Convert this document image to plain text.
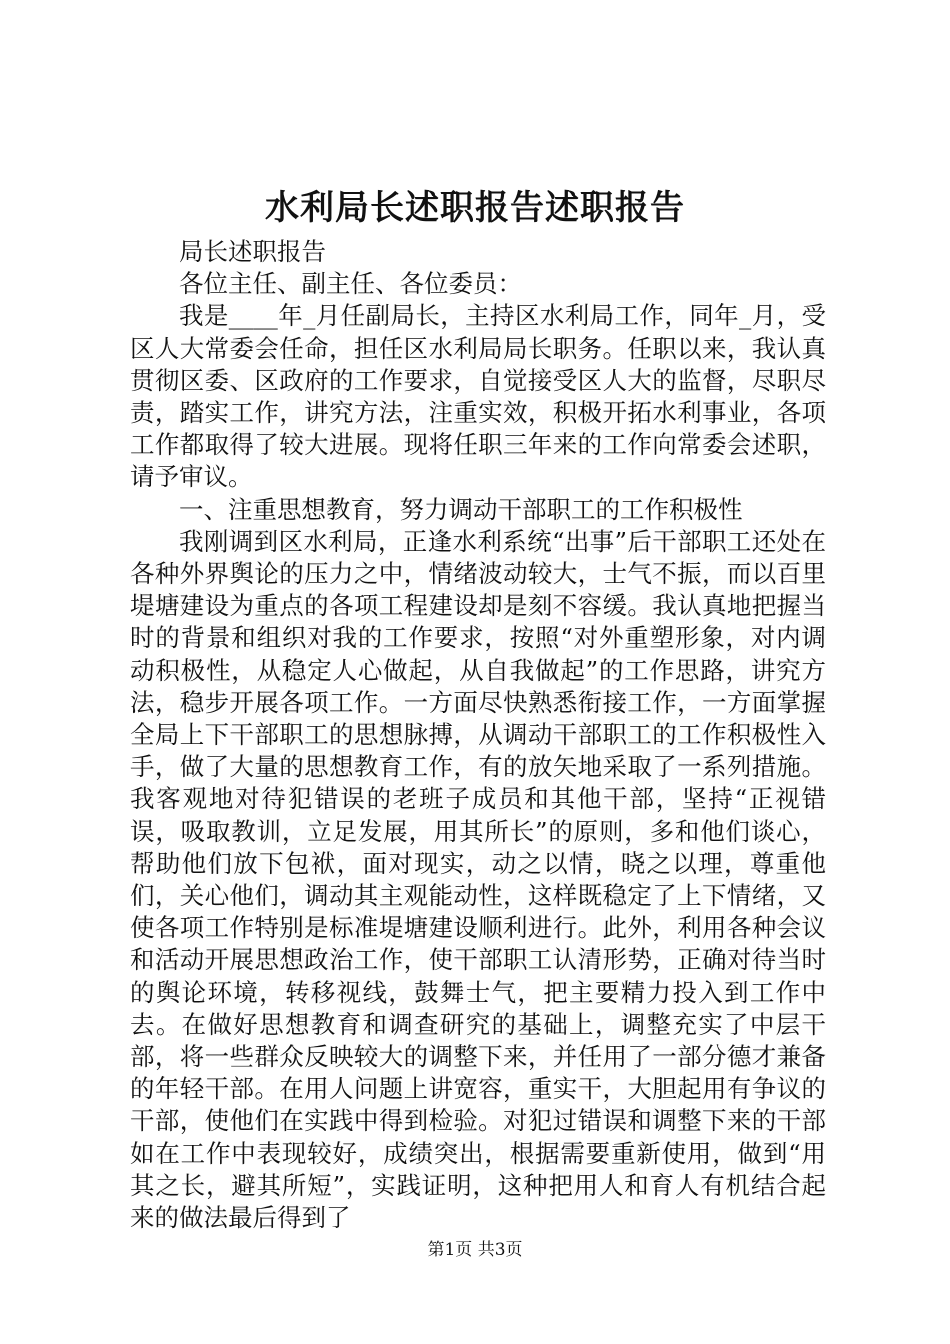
水利局长述职报告述职报告

局长述职报告

各位主任、副主任、各位委员：

我是____年_月任副局长，主持区水利局工作，同年_月，受区人大常委会任命，担任区水利局局长职务。任职以来，我认真贯彻区委、区政府的工作要求，自觉接受区人大的监督，尽职尽责，踏实工作，讲究方法，注重实效，积极开拓水利事业，各项工作都取得了较大进展。现将任职三年来的工作向常委会述职，请予审议。

一、注重思想教育，努力调动干部职工的工作积极性

我刚调到区水利局，正逢水利系统“出事”后干部职工还处在各种外界舆论的压力之中，情绪波动较大，士气不振，而以百里堤塘建设为重点的各项工程建设却是刻不容缓。我认真地把握当时的背景和组织对我的工作要求，按照“对外重塑形象，对内调动积极性，从稳定人心做起，从自我做起”的工作思路，讲究方法，稳步开展各项工作。一方面尽快熟悉衔接工作，一方面掌握全局上下干部职工的思想脉搏，从调动干部职工的工作积极性入手，做了大量的思想教育工作，有的放矢地采取了一系列措施。我客观地对待犯错误的老班子成员和其他干部，坚持“正视错误，吸取教训，立足发展，用其所长”的原则，多和他们谈心，帮助他们放下包袱，面对现实，动之以情，晓之以理，尊重他们，关心他们，调动其主观能动性，这样既稳定了上下情绪，又使各项工作特别是标准堤塘建设顺利进行。此外，利用各种会议和活动开展思想政治工作，使干部职工认清形势，正确对待当时的舆论环境，转移视线，鼓舞士气，把主要精力投入到工作中去。在做好思想教育和调查研究的基础上，调整充实了中层干部，将一些群众反映较大的调整下来，并任用了一部分德才兼备的年轻干部。在用人问题上讲宽容，重实干，大胆起用有争议的干部，使他们在实践中得到检验。对犯过错误和调整下来的干部如在工作中表现较好，成绩突出，根据需要重新使用，做到“用其之长，避其所短”，实践证明，这种把用人和育人有机结合起来的做法最后得到了

第1页 共3页
